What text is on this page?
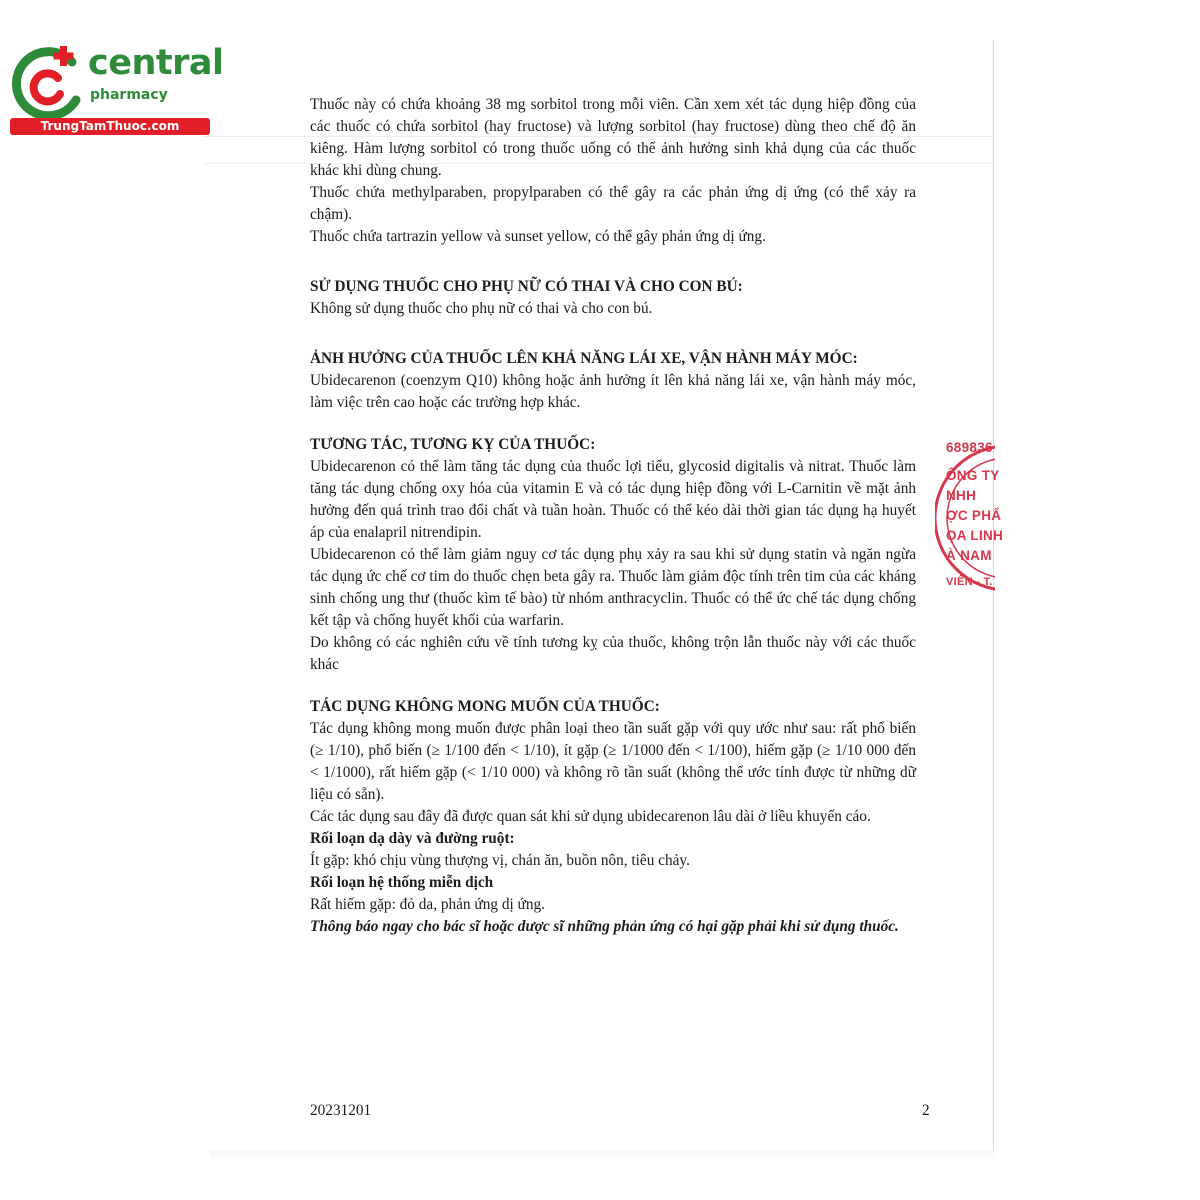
central
pharmacy
TrungTamThuoc.com

Thuốc này có chứa khoảng 38 mg sorbitol trong mỗi viên. Cần xem xét tác dụng hiệp đồng của các thuốc có chứa sorbitol (hay fructose) và lượng sorbitol (hay fructose) dùng theo chế độ ăn kiêng. Hàm lượng sorbitol có trong thuốc uống có thể ảnh hưởng sinh khả dụng của các thuốc khác khi dùng chung.

Thuốc chứa methylparaben, propylparaben có thể gây ra các phản ứng dị ứng (có thể xảy ra chậm).

Thuốc chứa tartrazin yellow và sunset yellow, có thể gây phản ứng dị ứng.

SỬ DỤNG THUỐC CHO PHỤ NỮ CÓ THAI VÀ CHO CON BÚ:

Không sử dụng thuốc cho phụ nữ có thai và cho con bú.

ẢNH HƯỞNG CỦA THUỐC LÊN KHẢ NĂNG LÁI XE, VẬN HÀNH MÁY MÓC:

Ubidecarenon (coenzym Q10) không hoặc ảnh hưởng ít lên khả năng lái xe, vận hành máy móc, làm việc trên cao hoặc các trường hợp khác.

TƯƠNG TÁC, TƯƠNG KỴ CỦA THUỐC:

Ubidecarenon có thể làm tăng tác dụng của thuốc lợi tiểu, glycosid digitalis và nitrat. Thuốc làm tăng tác dụng chống oxy hóa của vitamin E và có tác dụng hiệp đồng với L-Carnitin về mặt ảnh hưởng đến quá trình trao đổi chất và tuần hoàn. Thuốc có thể kéo dài thời gian tác dụng hạ huyết áp của enalapril nitrendipin.

Ubidecarenon có thể làm giảm nguy cơ tác dụng phụ xảy ra sau khi sử dụng statin và ngăn ngừa tác dụng ức chế cơ tim do thuốc chẹn beta gây ra. Thuốc làm giảm độc tính trên tim của các kháng sinh chống ung thư (thuốc kìm tế bào) từ nhóm anthracyclin. Thuốc có thể ức chế tác dụng chống kết tập và chống huyết khối của warfarin.

Do không có các nghiên cứu về tính tương kỵ của thuốc, không trộn lẫn thuốc này với các thuốc khác

TÁC DỤNG KHÔNG MONG MUỐN CỦA THUỐC:

Tác dụng không mong muốn được phân loại theo tần suất gặp với quy ước như sau: rất phổ biến (≥ 1/10), phổ biến (≥ 1/100 đến < 1/10), ít gặp (≥ 1/1000 đến < 1/100), hiếm gặp (≥ 1/10 000 đến < 1/1000), rất hiếm gặp (< 1/10 000) và không rõ tần suất (không thể ước tính được từ những dữ liệu có sẵn).

Các tác dụng sau đây đã được quan sát khi sử dụng ubidecarenon lâu dài ở liều khuyến cáo.

Rối loạn dạ dày và đường ruột:

Ít gặp: khó chịu vùng thượng vị, chán ăn, buồn nôn, tiêu chảy.

Rối loạn hệ thống miễn dịch

Rất hiếm gặp: đỏ da, phản ứng dị ứng.

Thông báo ngay cho bác sĩ hoặc dược sĩ những phản ứng có hại gặp phải khi sử dụng thuốc.

689836
ÔNG TY
NHH
ỢC PHẨ
ỌA LINH
À NAM
VIÊN - T.
20231201	2
